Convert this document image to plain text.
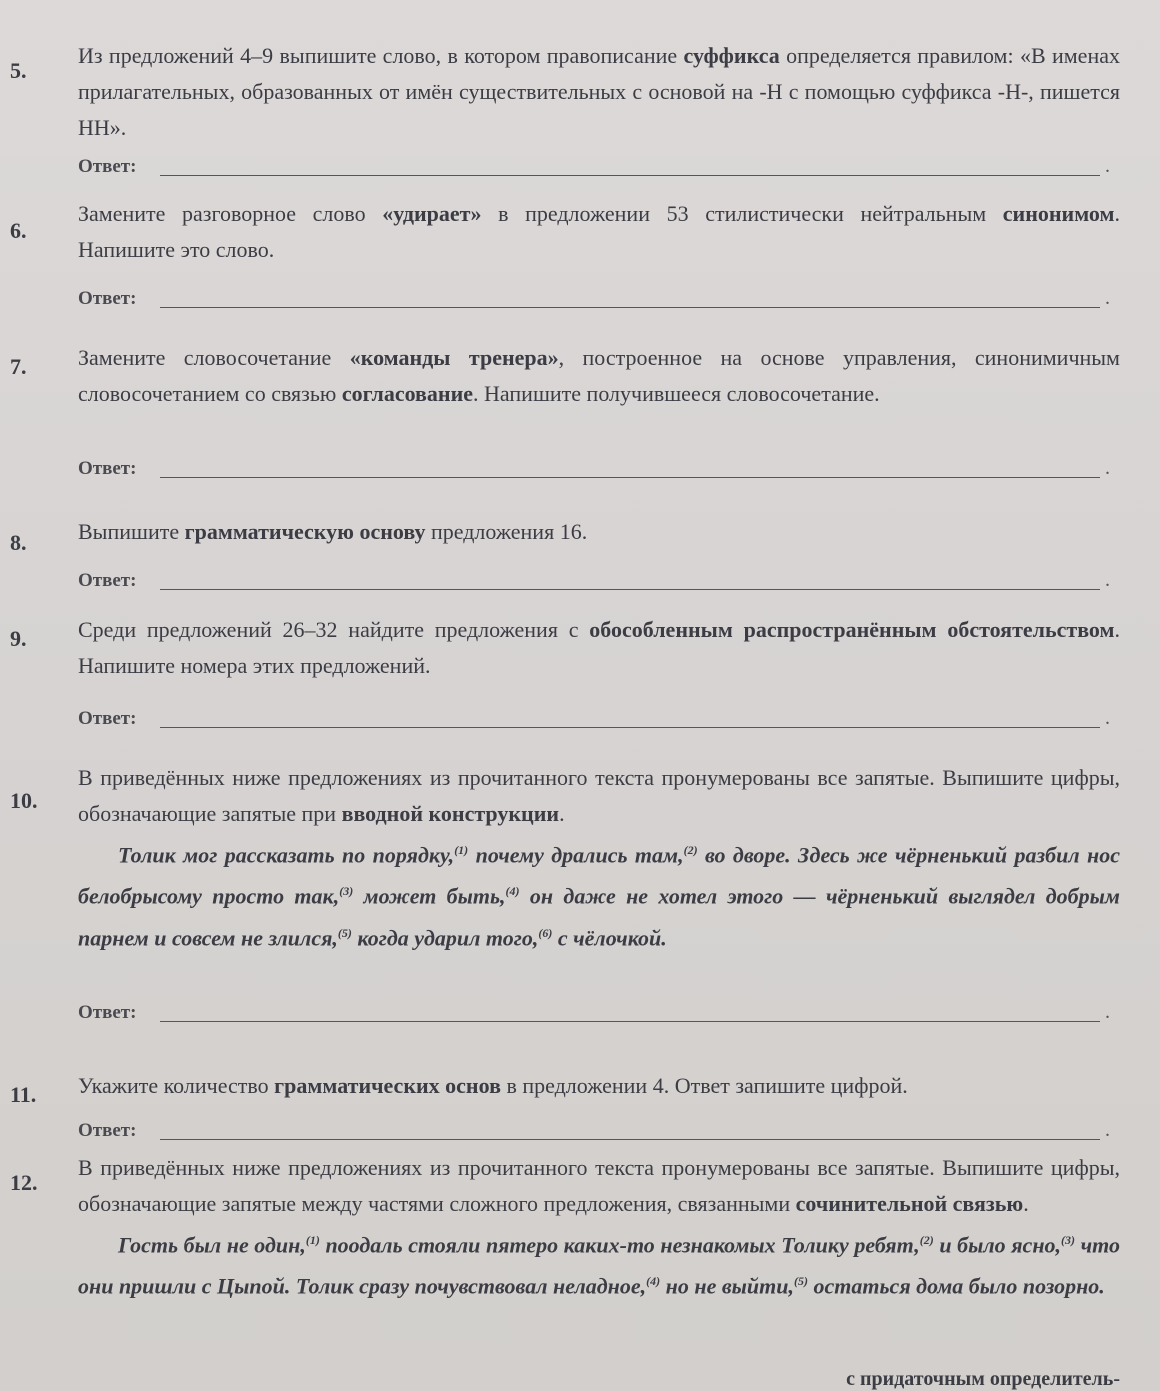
5.
Из предложений 4–9 выпишите слово, в котором правописание суффикса определяется правилом: «В именах прилагательных, образованных от имён существительных с основой на -Н с помощью суффикса -Н-, пишется НН».
Ответ:	.
6.
Замените разговорное слово «удирает» в предложении 53 стилистически нейтральным синонимом. Напишите это слово.
Ответ:	.
7. Замените словосочетание «команды тренера», построенное на основе управления, синонимичным словосочетанием со связью согласование. Напишите получившееся словосочетание.
Ответ:	.
8. Выпишите грамматическую основу предложения 16.
Ответ:	.
9. Среди предложений 26–32 найдите предложения с обособленным распространённым обстоятельством. Напишите номера этих предложений.
Ответ:	.
10.
В приведённых ниже предложениях из прочитанного текста пронумерованы все запятые. Выпишите цифры, обозначающие запятые при вводной конструкции.
Толик мог рассказать по порядку,$^{(1)}$ почему дрались там,$^{(2)}$ во дворе. Здесь же чёрненький разбил нос белобрысому просто так,$^{(3)}$ может быть,$^{(4)}$ он даже не хотел этого — чёрненький выглядел добрым парнем и совсем не злился,$^{(5)}$ когда ударил того,$^{(6)}$ с чёлочкой.
Ответ:	.
11. Укажите количество грамматических основ в предложении 4. Ответ запишите цифрой.
Ответ:	.
12.
В приведённых ниже предложениях из прочитанного текста пронумерованы все запятые. Выпишите цифры, обозначающие запятые между частями сложного предложения, связанными сочинительной связью.
Гость был не один,$^{(1)}$ поодаль стояли пятеро каких-то незнакомых Толику ребят,$^{(2)}$ и было ясно,$^{(3)}$ что они пришли с Цыпой. Толик сразу почувствовал неладное,$^{(4)}$ но не выйти,$^{(5)}$ остаться дома было позорно.
с придаточным определитель-
